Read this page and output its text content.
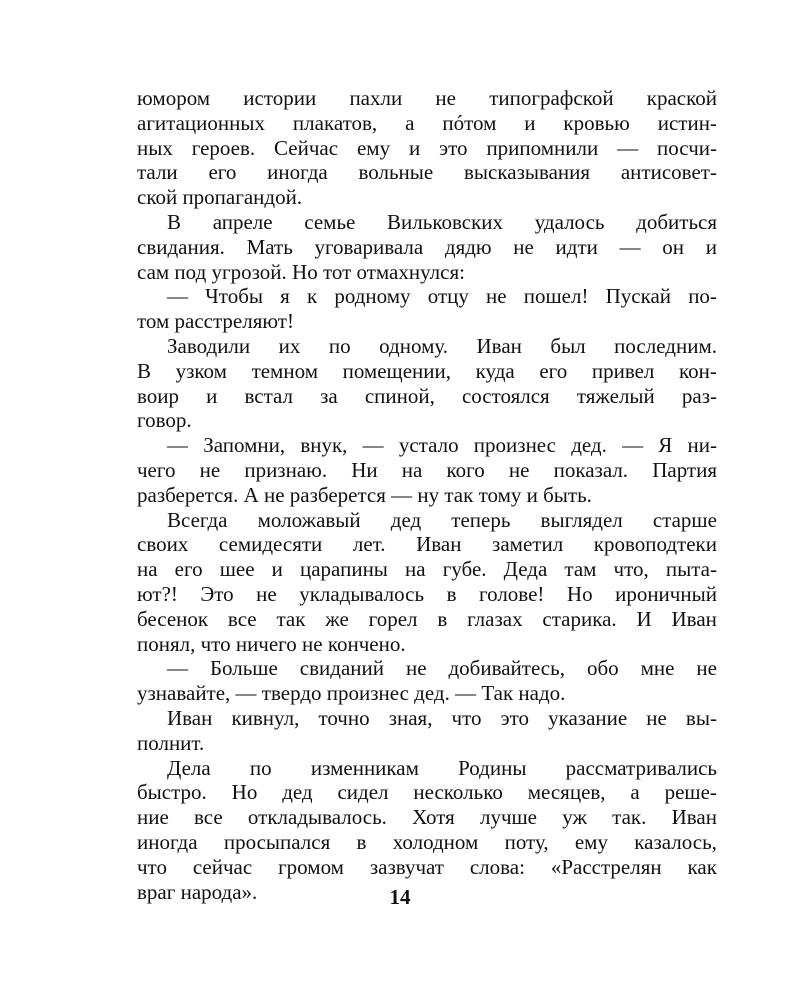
юмором истории пахли не типографской краской
агитационных плакатов, а пóтом и кровью истин-
ных героев. Сейчас ему и это припомнили — посчи-
тали его иногда вольные высказывания антисовет-
ской пропагандой.
В апреле семье Вильковских удалось добиться
свидания. Мать уговаривала дядю не идти — он и
сам под угрозой. Но тот отмахнулся:
— Чтобы я к родному отцу не пошел! Пускай по-
том расстреляют!
Заводили их по одному. Иван был последним.
В узком темном помещении, куда его привел кон-
воир и встал за спиной, состоялся тяжелый раз-
говор.
— Запомни, внук, — устало произнес дед. — Я ни-
чего не признаю. Ни на кого не показал. Партия
разберется. А не разберется — ну так тому и быть.
Всегда моложавый дед теперь выглядел старше
своих семидесяти лет. Иван заметил кровоподтеки
на его шее и царапины на губе. Деда там что, пыта-
ют?! Это не укладывалось в голове! Но ироничный
бесенок все так же горел в глазах старика. И Иван
понял, что ничего не кончено.
— Больше свиданий не добивайтесь, обо мне не
узнавайте, — твердо произнес дед. — Так надо.
Иван кивнул, точно зная, что это указание не вы-
полнит.
Дела по изменникам Родины рассматривались
быстро. Но дед сидел несколько месяцев, а реше-
ние все откладывалось. Хотя лучше уж так. Иван
иногда просыпался в холодном поту, ему казалось,
что сейчас громом зазвучат слова: «Расстрелян как
враг народа».	14
